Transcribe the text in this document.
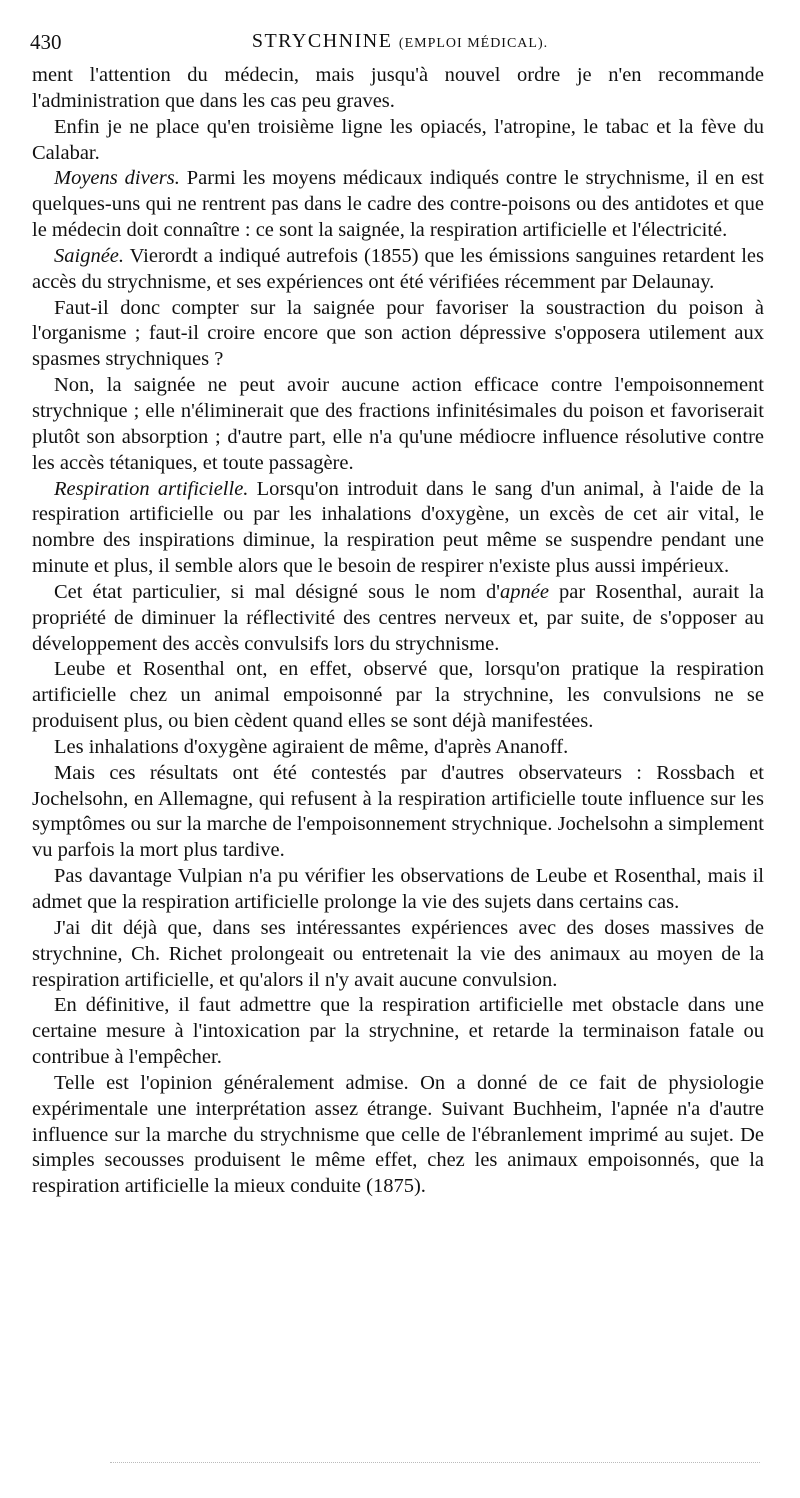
430	STRYCHNINE (EMPLOI MÉDICAL).

ment l'attention du médecin, mais jusqu'à nouvel ordre je n'en recommande l'administration que dans les cas peu graves.

Enfin je ne place qu'en troisième ligne les opiacés, l'atropine, le tabac et la fève du Calabar.

Moyens divers. Parmi les moyens médicaux indiqués contre le strychnisme, il en est quelques-uns qui ne rentrent pas dans le cadre des contre-poisons ou des antidotes et que le médecin doit connaître : ce sont la saignée, la respiration artificielle et l'électricité.

Saignée. Vierordt a indiqué autrefois (1855) que les émissions sanguines retardent les accès du strychnisme, et ses expériences ont été vérifiées récemment par Delaunay.

Faut-il donc compter sur la saignée pour favoriser la soustraction du poison à l'organisme ; faut-il croire encore que son action dépressive s'opposera utilement aux spasmes strychniques ?

Non, la saignée ne peut avoir aucune action efficace contre l'empoisonnement strychnique ; elle n'éliminerait que des fractions infinitésimales du poison et favoriserait plutôt son absorption ; d'autre part, elle n'a qu'une médiocre influence résolutive contre les accès tétaniques, et toute passagère.

Respiration artificielle. Lorsqu'on introduit dans le sang d'un animal, à l'aide de la respiration artificielle ou par les inhalations d'oxygène, un excès de cet air vital, le nombre des inspirations diminue, la respiration peut même se suspendre pendant une minute et plus, il semble alors que le besoin de respirer n'existe plus aussi impérieux.

Cet état particulier, si mal désigné sous le nom d'apnée par Rosenthal, aurait la propriété de diminuer la réflectivité des centres nerveux et, par suite, de s'opposer au développement des accès convulsifs lors du strychnisme.

Leube et Rosenthal ont, en effet, observé que, lorsqu'on pratique la respiration artificielle chez un animal empoisonné par la strychnine, les convulsions ne se produisent plus, ou bien cèdent quand elles se sont déjà manifestées.

Les inhalations d'oxygène agiraient de même, d'après Ananoff.

Mais ces résultats ont été contestés par d'autres observateurs : Rossbach et Jochelsohn, en Allemagne, qui refusent à la respiration artificielle toute influence sur les symptômes ou sur la marche de l'empoisonnement strychnique. Jochelsohn a simplement vu parfois la mort plus tardive.

Pas davantage Vulpian n'a pu vérifier les observations de Leube et Rosenthal, mais il admet que la respiration artificielle prolonge la vie des sujets dans certains cas.

J'ai dit déjà que, dans ses intéressantes expériences avec des doses massives de strychnine, Ch. Richet prolongeait ou entretenait la vie des animaux au moyen de la respiration artificielle, et qu'alors il n'y avait aucune convulsion.

En définitive, il faut admettre que la respiration artificielle met obstacle dans une certaine mesure à l'intoxication par la strychnine, et retarde la terminaison fatale ou contribue à l'empêcher.

Telle est l'opinion généralement admise. On a donné de ce fait de physiologie expérimentale une interprétation assez étrange. Suivant Buchheim, l'apnée n'a d'autre influence sur la marche du strychnisme que celle de l'ébranlement imprimé au sujet. De simples secousses produisent le même effet, chez les animaux empoisonnés, que la respiration artificielle la mieux conduite (1875).
